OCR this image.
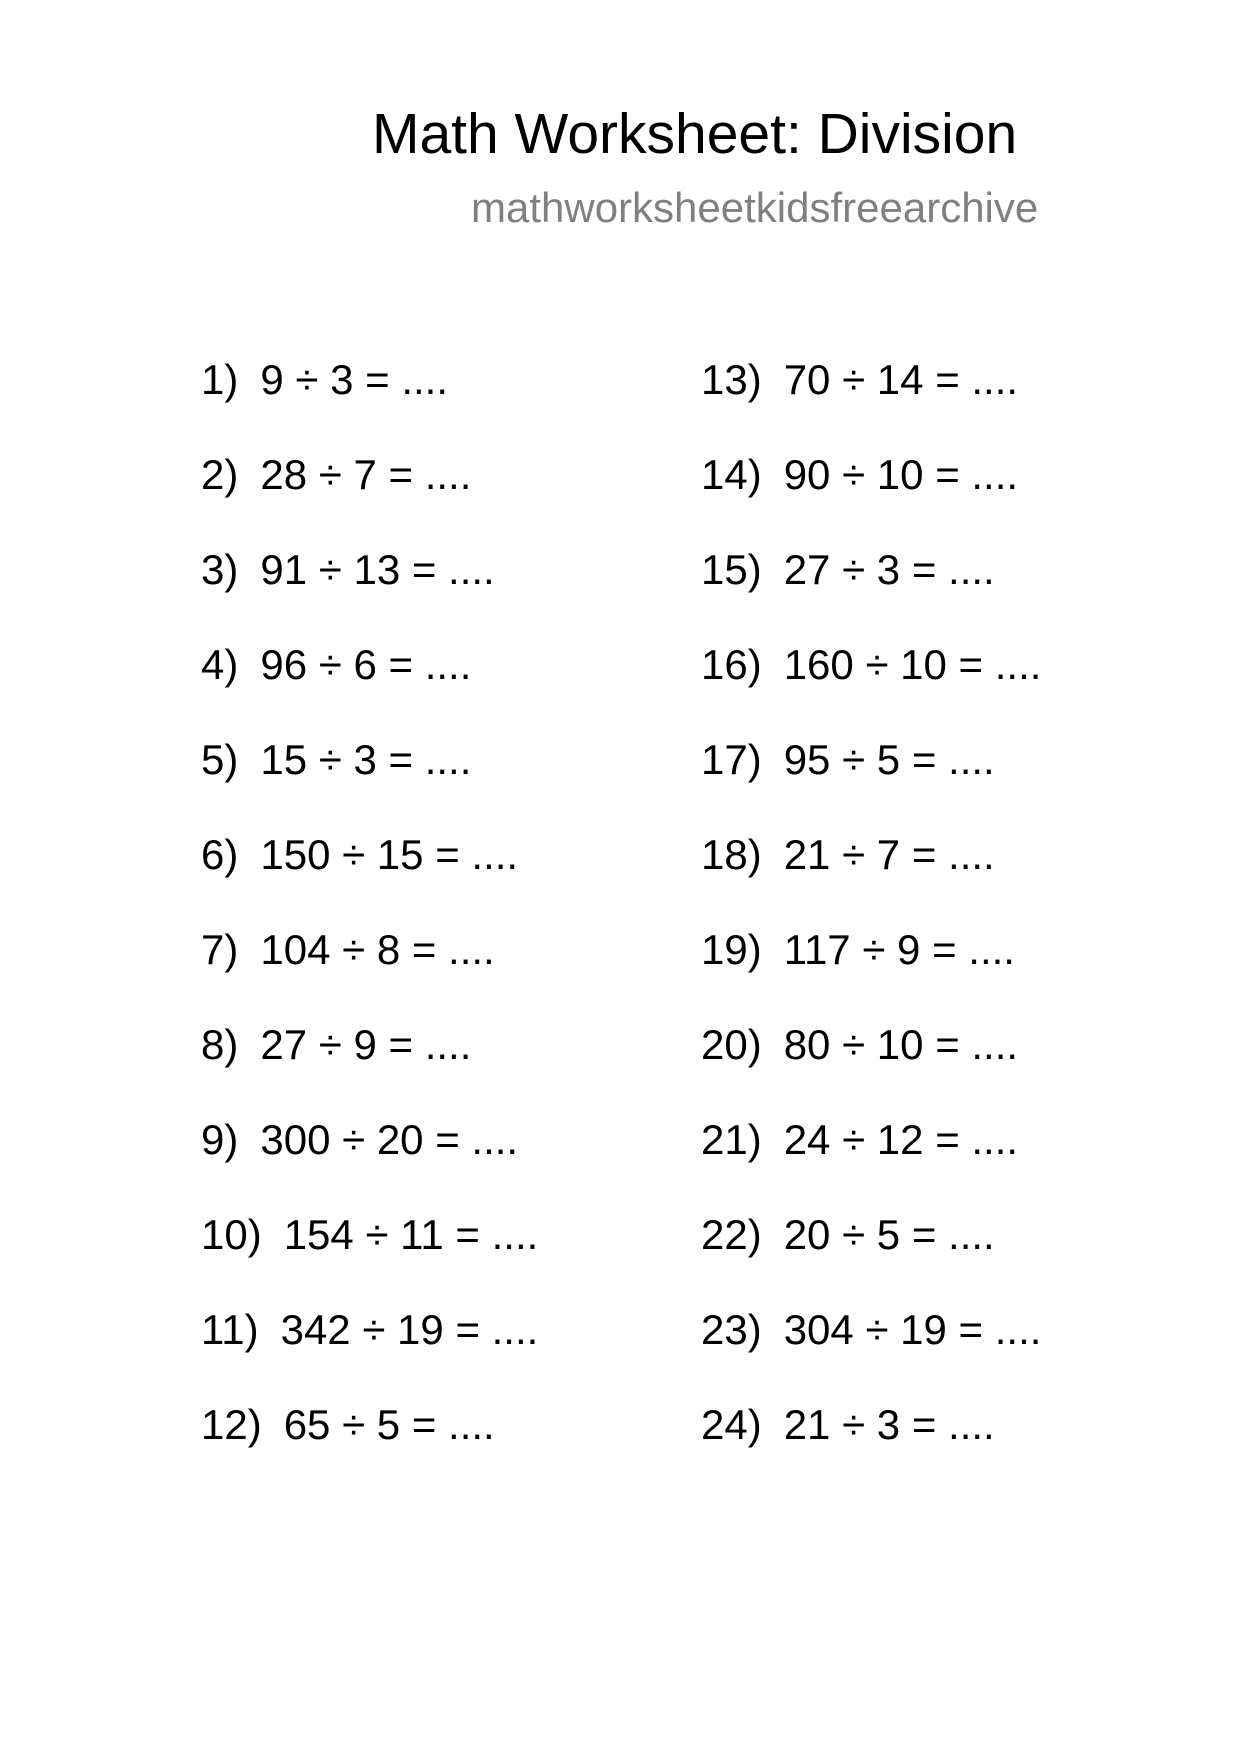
Math Worksheet: Division
mathworksheetkidsfreearchive
1) 9 ÷ 3 = ....
2) 28 ÷ 7 = ....
3) 91 ÷ 13 = ....
4) 96 ÷ 6 = ....
5) 15 ÷ 3 = ....
6) 150 ÷ 15 = ....
7) 104 ÷ 8 = ....
8) 27 ÷ 9 = ....
9) 300 ÷ 20 = ....
10) 154 ÷ 11 = ....
11) 342 ÷ 19 = ....
12) 65 ÷ 5 = ....
13) 70 ÷ 14 = ....
14) 90 ÷ 10 = ....
15) 27 ÷ 3 = ....
16) 160 ÷ 10 = ....
17) 95 ÷ 5 = ....
18) 21 ÷ 7 = ....
19) 117 ÷ 9 = ....
20) 80 ÷ 10 = ....
21) 24 ÷ 12 = ....
22) 20 ÷ 5 = ....
23) 304 ÷ 19 = ....
24) 21 ÷ 3 = ....
